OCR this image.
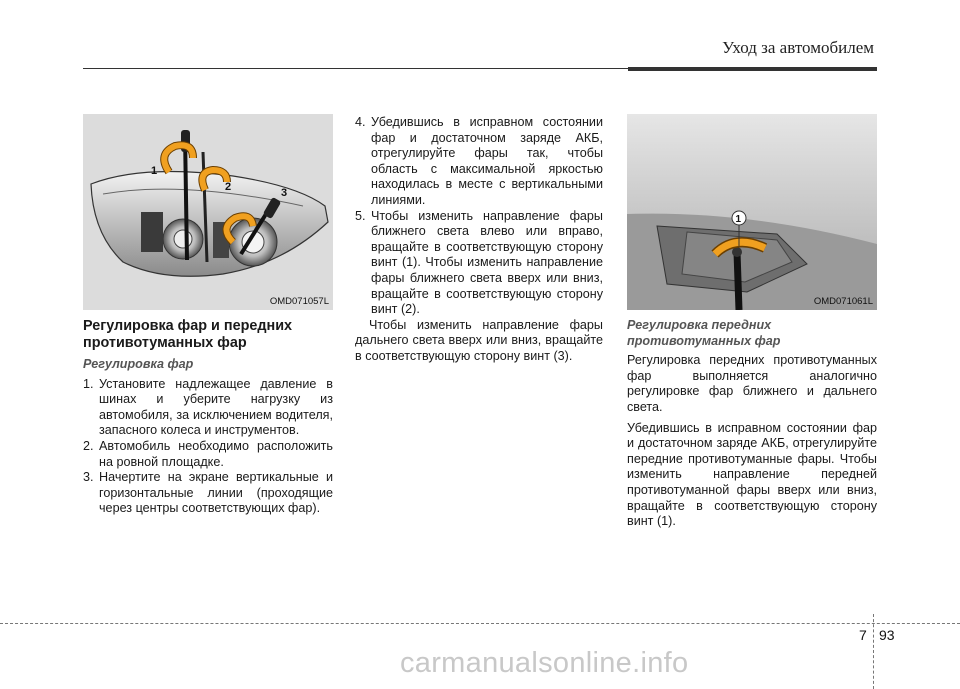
Уход за автомобилем
1
2	3
OMD071057L
1
OMD071061L
Регулировка фар и передних противотуманных фар
Регулировка фар
1. Установите надлежащее давление в шинах и уберите нагрузку из автомобиля, за исключением водителя, запасного колеса и инструментов.
2. Автомобиль необходимо расположить на ровной площадке.
3. Начертите на экране вертикальные и горизонтальные линии (проходящие через центры соответствующих фар).
4. Убедившись в исправном состоянии фар и достаточном заряде АКБ, отрегулируйте фары так, чтобы область с максимальной яркостью находилась в месте с вертикальными линиями.
5. Чтобы изменить направление фары ближнего света влево или вправо, вращайте в соответствующую сторону винт (1). Чтобы изменить направление фары ближнего света вверх или вниз, вращайте в соответствующую сторону винт (2).
Чтобы изменить направление фары дальнего света вверх или вниз, вращайте в соответствующую сторону винт (3).
Регулировка передних противотуманных фар
Регулировка передних противотуманных фар выполняется аналогично регулировке фар ближнего и дальнего света.
Убедившись в исправном состоянии фар и достаточном заряде АКБ, отрегулируйте передние противотуманные фары. Чтобы изменить направление передней противотуманной фары вверх или вниз, вращайте в соответствующую сторону винт (1).
7 93
carmanualsonline.info
